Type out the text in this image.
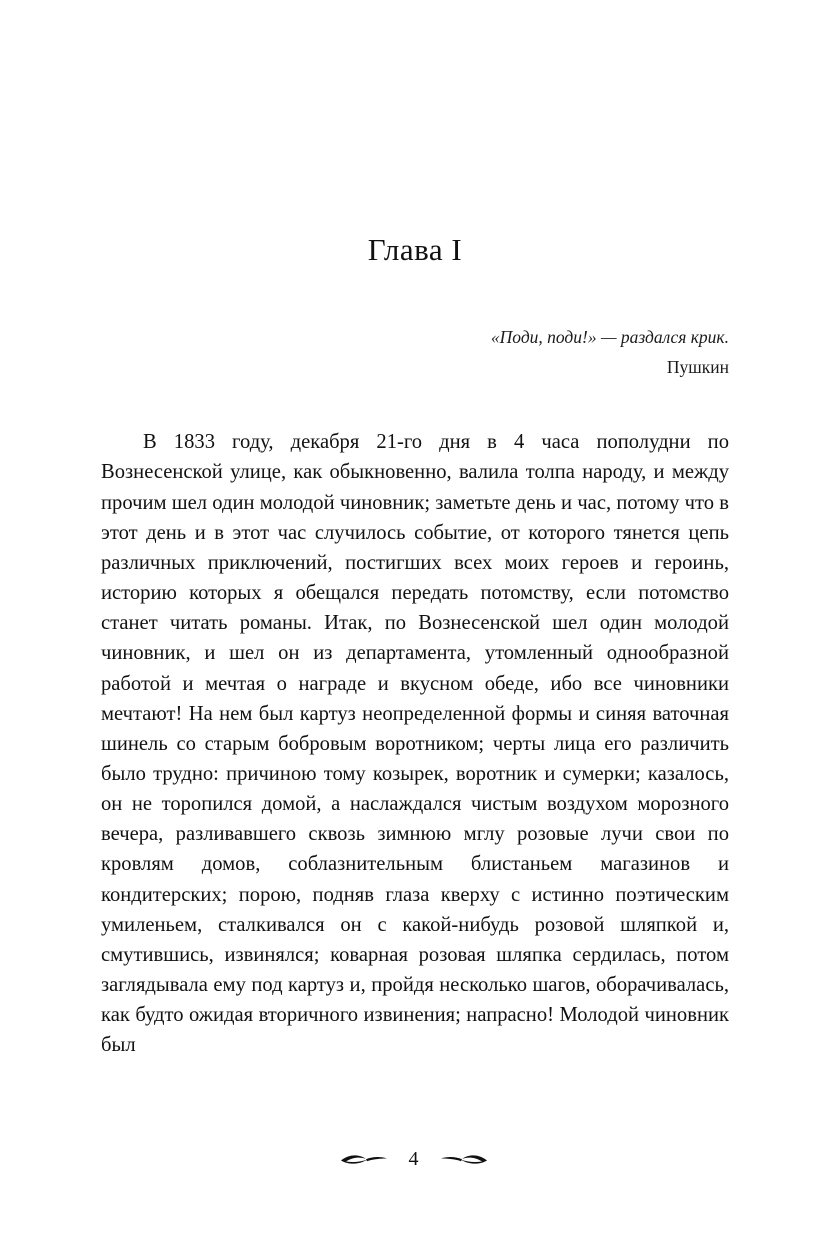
Глава I
«Поди, поди!» — раздался крик.
Пушкин

В 1833 году, декабря 21-го дня в 4 часа пополудни по Вознесенской улице, как обыкновенно, валила толпа народу, и между прочим шел один молодой чиновник; заметьте день и час, потому что в этот день и в этот час случилось событие, от которого тянется цепь различных приключений, постигших всех моих героев и героинь, историю которых я обещался передать потомству, если потомство станет читать романы. Итак, по Вознесенской шел один молодой чиновник, и шел он из департамента, утомленный однообразной работой и мечтая о награде и вкусном обеде, ибо все чиновники мечтают! На нем был картуз неопределенной формы и синяя ваточная шинель со старым бобровым воротником; черты лица его различить было трудно: причиною тому козырек, воротник и сумерки; казалось, он не торопился домой, а наслаждался чистым воздухом морозного вечера, разливавшего сквозь зимнюю мглу розовые лучи свои по кровлям домов, соблазнительным блистаньем магазинов и кондитерских; порою, подняв глаза кверху с истинно поэтическим умиленьем, сталкивался он с какой-нибудь розовой шляпкой и, смутившись, извинялся; коварная розовая шляпка сердилась, потом заглядывала ему под картуз и, пройдя несколько шагов, оборачивалась, как будто ожидая вторичного извинения; напрасно! Молодой чиновник был

4
